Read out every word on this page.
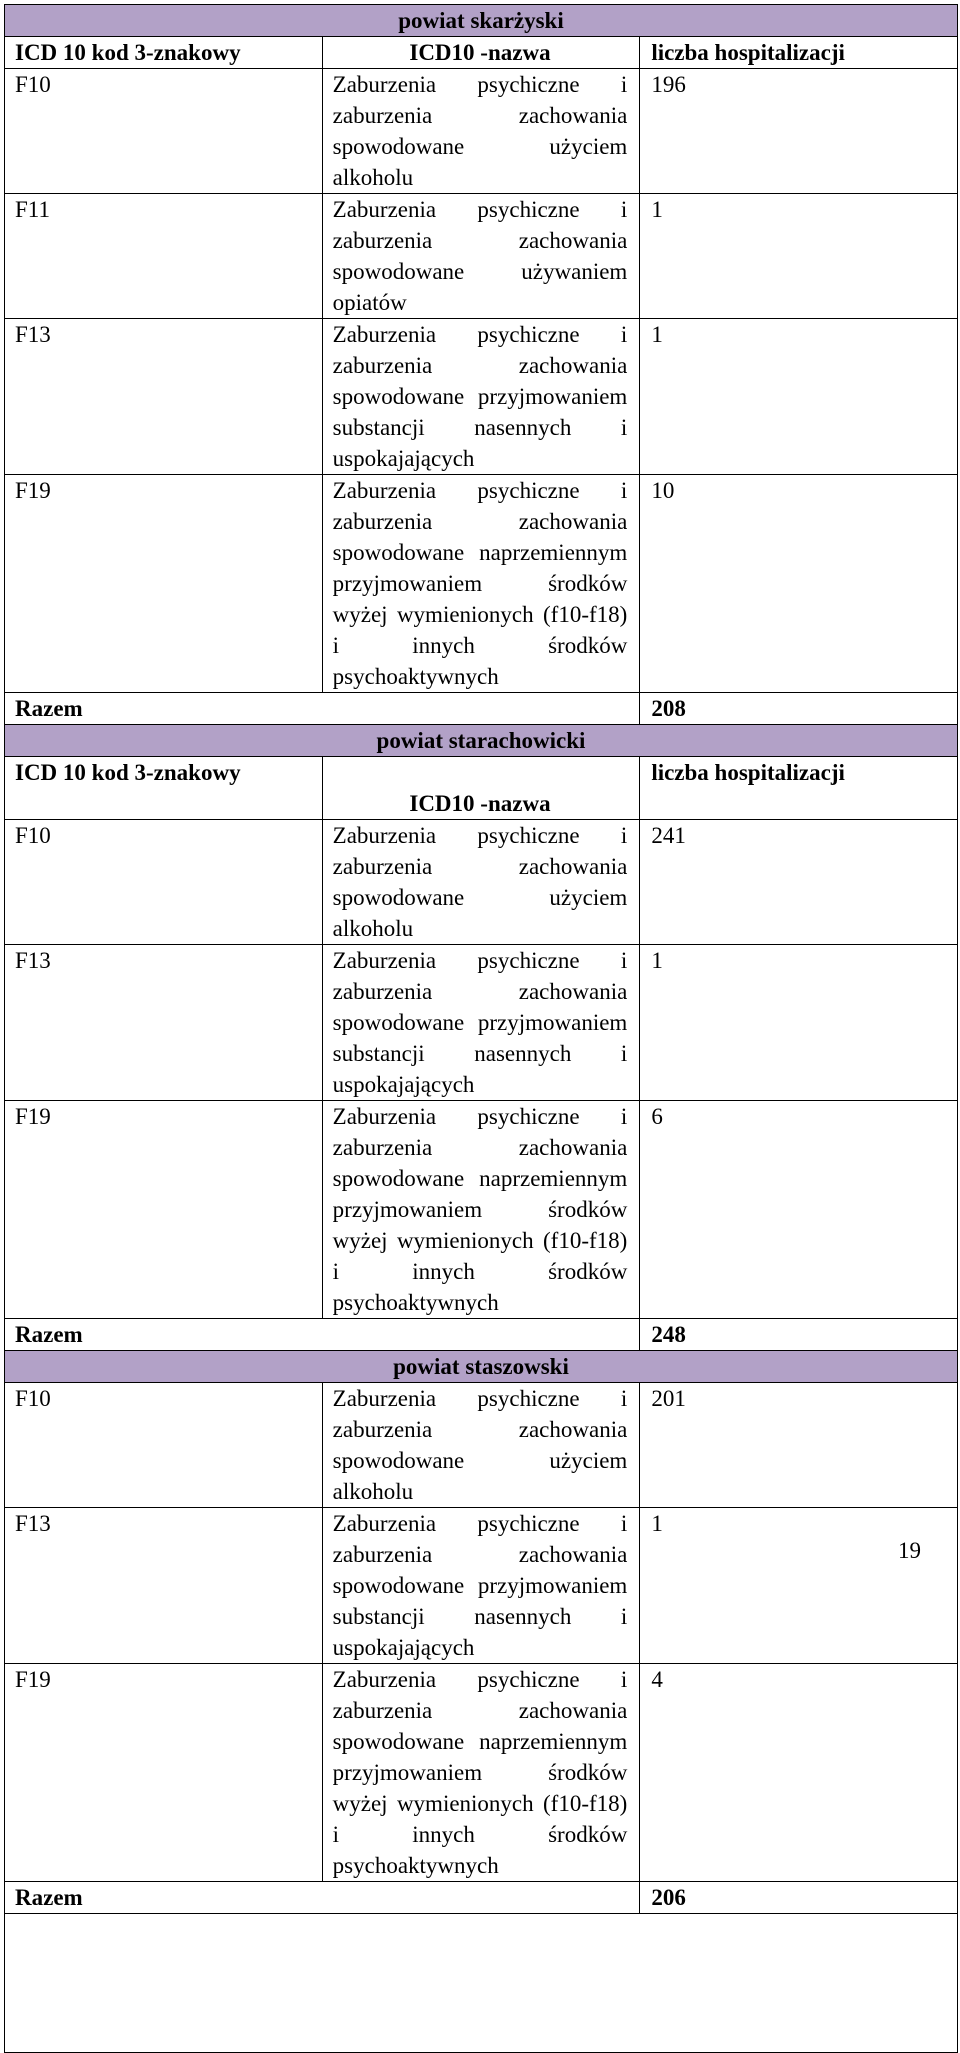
powiat skarżyski		
ICD 10 kod 3-znakowy	ICD10 -nazwa	liczba hospitalizacji
F10	Zaburzenia psychiczne i zaburzenia zachowania spowodowane użyciem alkoholu	196
F11	Zaburzenia psychiczne i zaburzenia zachowania spowodowane używaniem opiatów	1
F13	Zaburzenia psychiczne i zaburzenia zachowania spowodowane przyjmowaniem substancji nasennych i uspokajających	1
F19	Zaburzenia psychiczne i zaburzenia zachowania spowodowane naprzemiennym przyjmowaniem środków wyżej wymienionych (f10-f18) i innych środków psychoaktywnych	10
Razem		208
powiat starachowicki		
ICD 10 kod 3-znakowy	ICD10 -nazwa	liczba hospitalizacji
F10	Zaburzenia psychiczne i zaburzenia zachowania spowodowane użyciem alkoholu	241
F13	Zaburzenia psychiczne i zaburzenia zachowania spowodowane przyjmowaniem substancji nasennych i uspokajających	1
F19	Zaburzenia psychiczne i zaburzenia zachowania spowodowane naprzemiennym przyjmowaniem środków wyżej wymienionych (f10-f18) i innych środków psychoaktywnych	6
Razem		248
powiat staszowski		
F10	Zaburzenia psychiczne i zaburzenia zachowania spowodowane użyciem alkoholu	201
F13	Zaburzenia psychiczne i zaburzenia zachowania spowodowane przyjmowaniem substancji nasennych i uspokajających	1
F19	Zaburzenia psychiczne i zaburzenia zachowania spowodowane naprzemiennym przyjmowaniem środków wyżej wymienionych (f10-f18) i innych środków psychoaktywnych	4
Razem		206

19
